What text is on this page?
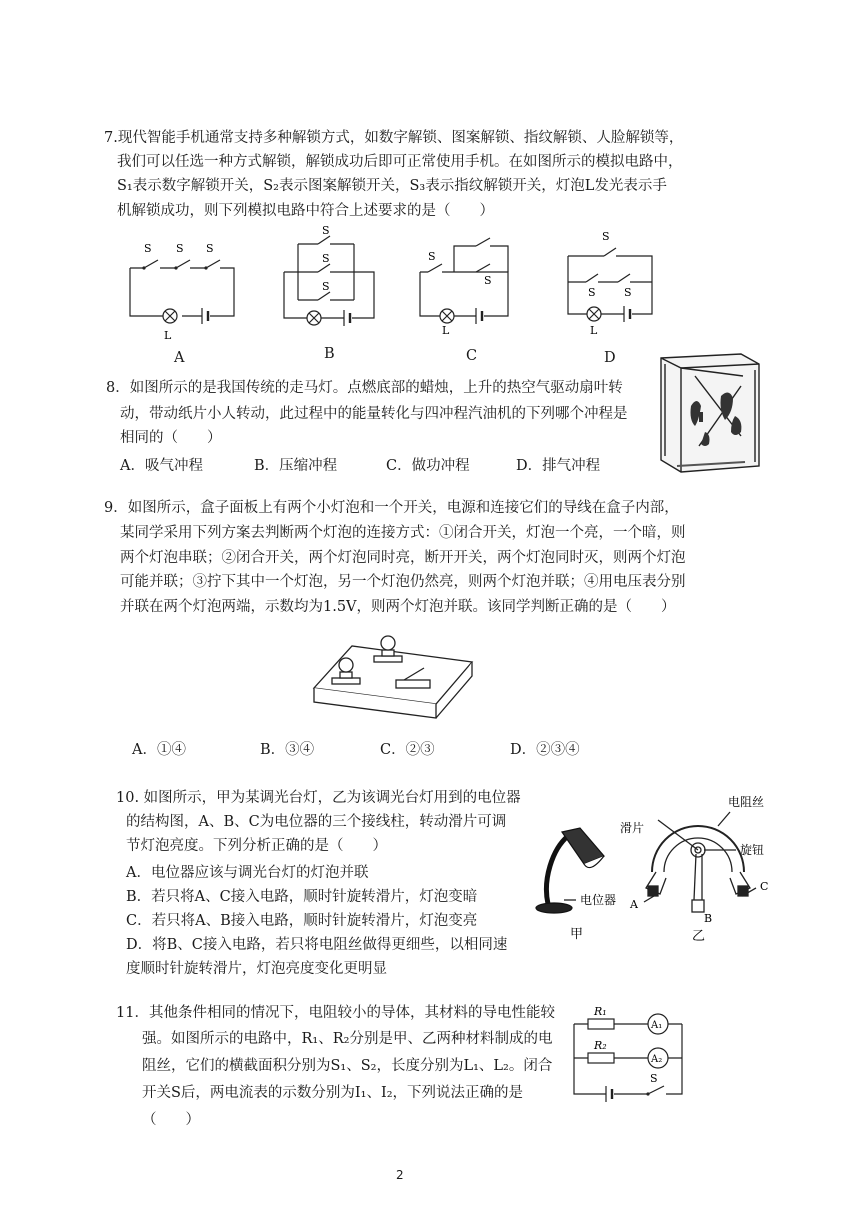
7.现代智能手机通常支持多种解锁方式，如数字解锁、图案解锁、指纹解锁、人脸解锁等，
我们可以任选一种方式解锁，解锁成功后即可正常使用手机。在如图所示的模拟电路中，
S₁表示数字解锁开关，S₂表示图案解锁开关，S₃表示指纹解锁开关，灯泡L发光表示手
机解锁成功，则下列模拟电路中符合上述要求的是（　　）
S S S
L
A
S
S
S
B
S
S
L
C
S
S	S
L
D
8．如图所示的是我国传统的走马灯。点燃底部的蜡烛，上升的热空气驱动扇叶转
动，带动纸片小人转动，此过程中的能量转化与四冲程汽油机的下列哪个冲程是
相同的（　　）
A．吸气冲程	B．压缩冲程	C．做功冲程	D．排气冲程
9．如图所示，盒子面板上有两个小灯泡和一个开关，电源和连接它们的导线在盒子内部，
某同学采用下列方案去判断两个灯泡的连接方式：①闭合开关，灯泡一个亮，一个暗，则
两个灯泡串联；②闭合开关，两个灯泡同时亮，断开开关，两个灯泡同时灭，则两个灯泡
可能并联；③拧下其中一个灯泡，另一个灯泡仍然亮，则两个灯泡并联；④用电压表分别
并联在两个灯泡两端，示数均为1.5V，则两个灯泡并联。该同学判断正确的是（　　）
A．①④	B．③④	C．②③	D．②③④
10. 如图所示，甲为某调光台灯，乙为该调光台灯用到的电位器
的结构图，A、B、C为电位器的三个接线柱，转动滑片可调
节灯泡亮度。下列分析正确的是（　　）
A．电位器应该与调光台灯的灯泡并联
B．若只将A、C接入电路，顺时针旋转滑片，灯泡变暗
C．若只将A、B接入电路，顺时针旋转滑片，灯泡变亮
D．将B、C接入电路，若只将电阻丝做得更细些，以相同速
度顺时针旋转滑片，灯泡亮度变化更明显
电位器
甲
电阻丝
滑片
旋钮
A
B
C
乙
11．其他条件相同的情况下，电阻较小的导体，其材料的导电性能较
强。如图所示的电路中，R₁、R₂分别是甲、乙两种材料制成的电
阻丝，它们的横截面积分别为S₁、S₂，长度分别为L₁、L₂。闭合
开关S后，两电流表的示数分别为I₁、I₂，下列说法正确的是
（　　）
R₁
R₂
A₁
A₂
S
2
